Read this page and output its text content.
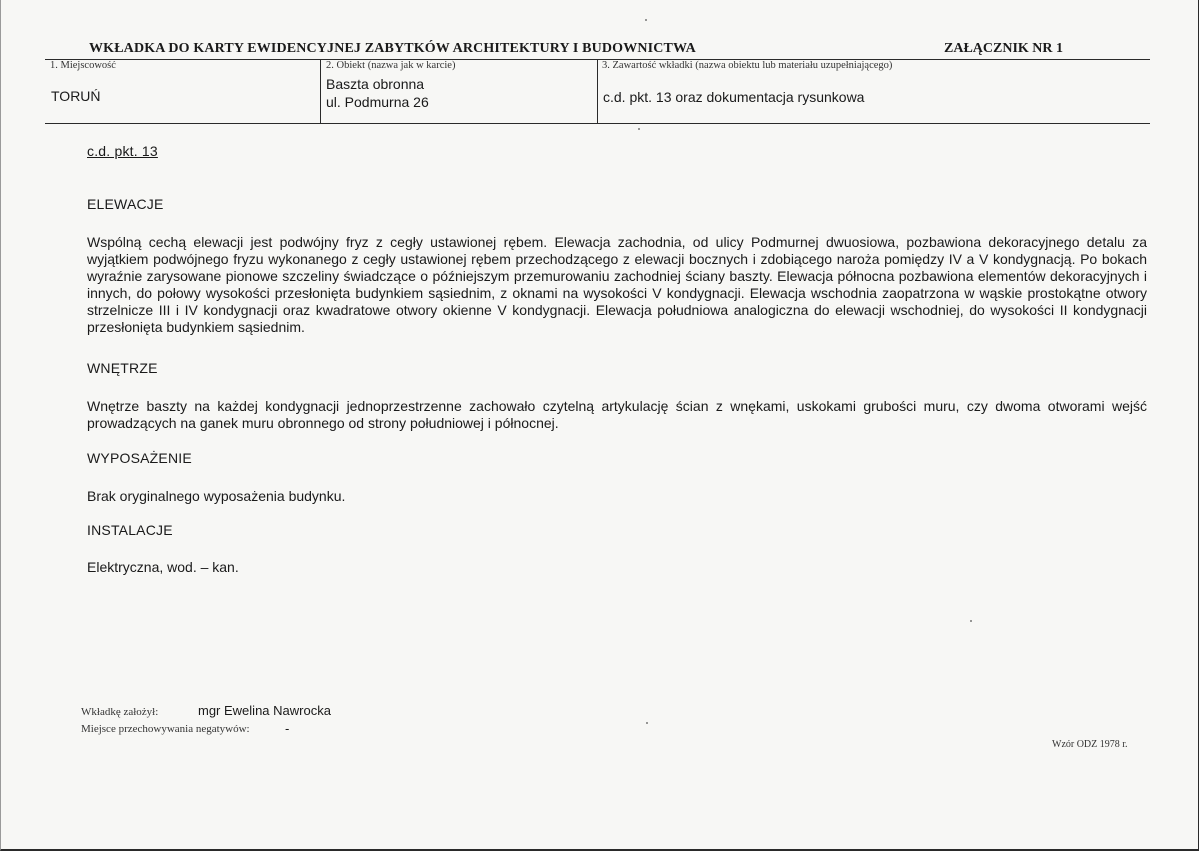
WKŁADKA DO KARTY EWIDENCYJNEJ ZABYTKÓW ARCHITEKTURY I BUDOWNICTWA	ZAŁĄCZNIK NR 1
1. Miejscowość
TORUŃ
2. Obiekt (nazwa jak w karcie)
Baszta obronna
ul. Podmurna 26
3. Zawartość wkładki (nazwa obiektu lub materiału uzupełniającego)
c.d. pkt. 13 oraz dokumentacja rysunkowa
c.d. pkt. 13
ELEWACJE
Wspólną cechą elewacji jest podwójny fryz z cegły ustawionej rębem. Elewacja zachodnia, od ulicy Podmurnej dwuosiowa, pozbawiona dekoracyjnego detalu za wyjątkiem podwójnego fryzu wykonanego z cegły ustawionej rębem przechodzącego z elewacji bocznych i zdobiącego naroża pomiędzy IV a V kondygnacją. Po bokach wyraźnie zarysowane pionowe szczeliny świadczące o późniejszym przemurowaniu zachodniej ściany baszty. Elewacja północna pozbawiona elementów dekoracyjnych i innych, do połowy wysokości przesłonięta budynkiem sąsiednim, z oknami na wysokości V kondygnacji. Elewacja wschodnia zaopatrzona w wąskie prostokątne otwory strzelnicze III i IV kondygnacji oraz kwadratowe otwory okienne V kondygnacji. Elewacja południowa analogiczna do elewacji wschodniej, do wysokości II kondygnacji przesłonięta budynkiem sąsiednim.
WNĘTRZE
Wnętrze baszty na każdej kondygnacji jednoprzestrzenne zachowało czytelną artykulację ścian z wnękami, uskokami grubości muru, czy dwoma otworami wejść prowadzących na ganek muru obronnego od strony południowej i północnej.
WYPOSAŻENIE
Brak oryginalnego wyposażenia budynku.
INSTALACJE
Elektryczna, wod. – kan.
Wkładkę założył:	mgr Ewelina Nawrocka
Miejsce przechowywania negatywów:	-
Wzór ODZ 1978 r.
